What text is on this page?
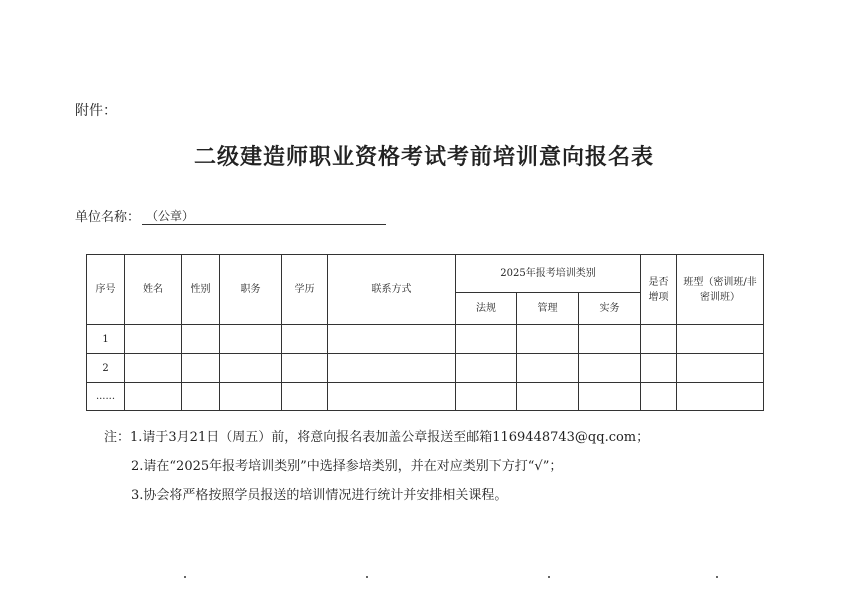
附件：
二级建造师职业资格考试考前培训意向报名表
单位名称： （公章）
序号	姓名	性别	职务	学历	联系方式	2025年报考培训类别			是否增项	班型（密训班/非密训班）
						法规	管理	实务		
1										
2										
......										
注：1.请于3月21日（周五）前，将意向报名表加盖公章报送至邮箱1169448743@qq.com；
2.请在“2025年报考培训类别”中选择参培类别，并在对应类别下方打“√”；
3.协会将严格按照学员报送的培训情况进行统计并安排相关课程。
